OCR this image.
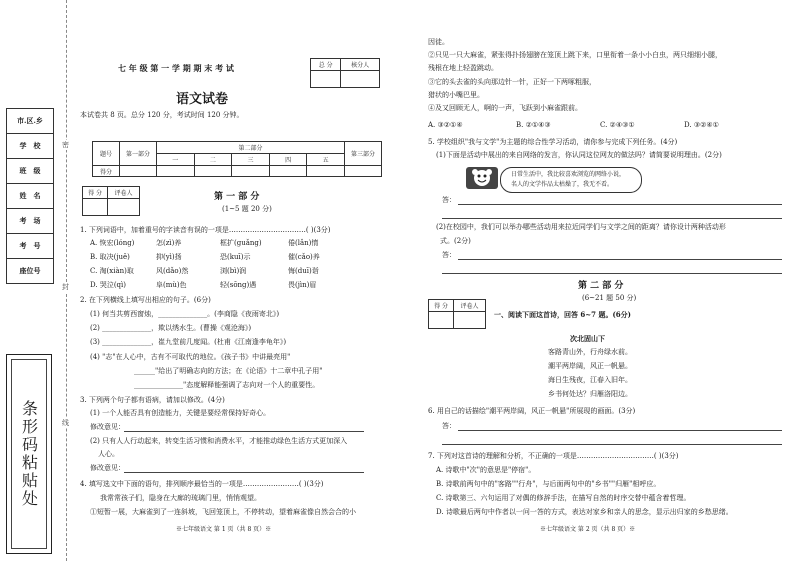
市.区.乡
学　校
班　级
姓　名
考　场
考　号
座位号
条形码粘贴处
密
封
线
七 年 级 第 一 学 期 期 末 考 试	总 分	核分人

语文试卷
本试卷共 8 页。总分 120 分，考试时间 120 分钟。
题号	第一部分	第二部分					第三部分
		一	二	三	四	五	
得分							
得 分	评卷人
		第 一 部 分
(1~5 题 20 分)
1. 下列词语中，加着重号的字读音有误的一项是……………………………( )(3分)
A. 恢宏(lóng)	怎(zì)养	框扩(guǎng)	倦(lǎn)惰
B. 取决(juě)	抑(yì)扬	恐(kuī)示	催(cǎo)养
C. 淘(xiàn)取	风(dǎo)然	浏(bì)润	悔(duī)诣
D. 哭泣(qì)	阜(mù)色	轻(sōng)遇	畏(jìn)眉
2. 在下列横线上填写出相应的句子。(6分)
(1) 何当共剪西窗烛，______________。(李商隐《夜雨寄北》)
(2) ______________，欺以绣水生。(曹操《观沧海》)
(3) ______________，崔九堂前几度闻。(杜甫《江南逢李龟年》)
(4) "志"在人心中，古有不可取代的地位。《孩子书》中讲最亮用"
______"给出了明确志向的方法；在《论语》十二章中孔子用"
______________"态度解释能强调了志向对一个人的重要性。
3. 下列两个句子都有语病，请加以修改。(4分)
(1) 一个人能否具有创造能力，关键是要经常保持好奇心。
修改意见：
(2) 只有人人行动起来，转变生活习惯和消费水平，才能推动绿色生活方式更加深入
人心。
修改意见：
4. 填写选文中下面的语句，排列顺序最恰当的一项是……………………( )(3分)
我常常孩子们，隐身在大廊的琉璃门里，悄悄观望。
①短暂一展，大麻雀到了一连斜坡，飞回笼顶上，不停转动，望着麻雀像自然会合的小
※七年级语文 第 1 页（共 8 页）※
因徒。
②只见一只大麻雀，紧张得扑扬翅膀在笼顶上跳下来，口里衔着一条小小白虫，两只细细小腿，
残根在地上轻盈跳动。
③它的头去雀的头向那边针一针，正好一下两啄粗服，
猎状的小嘴巴里。
④及又回顾无人，啊的一声，飞跃到小麻雀跟前。
A. ③②①④	B. ②①④③	C. ②④③①	D. ③②④①
5. 学校组织"我与文学"为主题的综合性学习活动，请你参与完成下列任务。(4分)
(1)下面是活动中展出的来自网络的发言，你认同这位网友的做法吗？请简要说明理由。(2分)
日常生活中，我比较喜欢浏览的网络小说，
名人的文学作品太枯燥了，我无不看。
答：
(2)在校园中，我们可以举办哪些活动用来拉近同学们与文学之间的距离？请你设计两种活动形
式。(2分)
答：
第 二 部 分
(6~21 题 50 分)
得 分	评卷人

一、阅读下面这首诗，回答 6~7 题。(6分)
次北固山下
客路青山外，行舟绿水前。
潮平两岸阔，风正一帆悬。
海日生残夜，江春入旧年。
乡书何处达？归雁洛阳边。
6. 用自己的话描绘"潮平两岸阔，风正一帆悬"所展现的画面。(3分)
答：
7. 下列对这首诗的理解和分析，不正确的一项是……………………………( )(3分)
A. 诗歌中"次"的意思是"停宿"。
B. 诗歌前两句中的"客路""行舟"，与后面两句中的"乡书""归雁"相呼应。
C. 诗歌第三、六句运用了对偶的修辞手法，在描写自然的时序交替中蕴含着哲理。
D. 诗歌最后两句中作者以一问一答的方式，表达对家乡和亲人的思念，显示出归家的乡愁思绪。
※七年级语文 第 2 页（共 8 页）※
